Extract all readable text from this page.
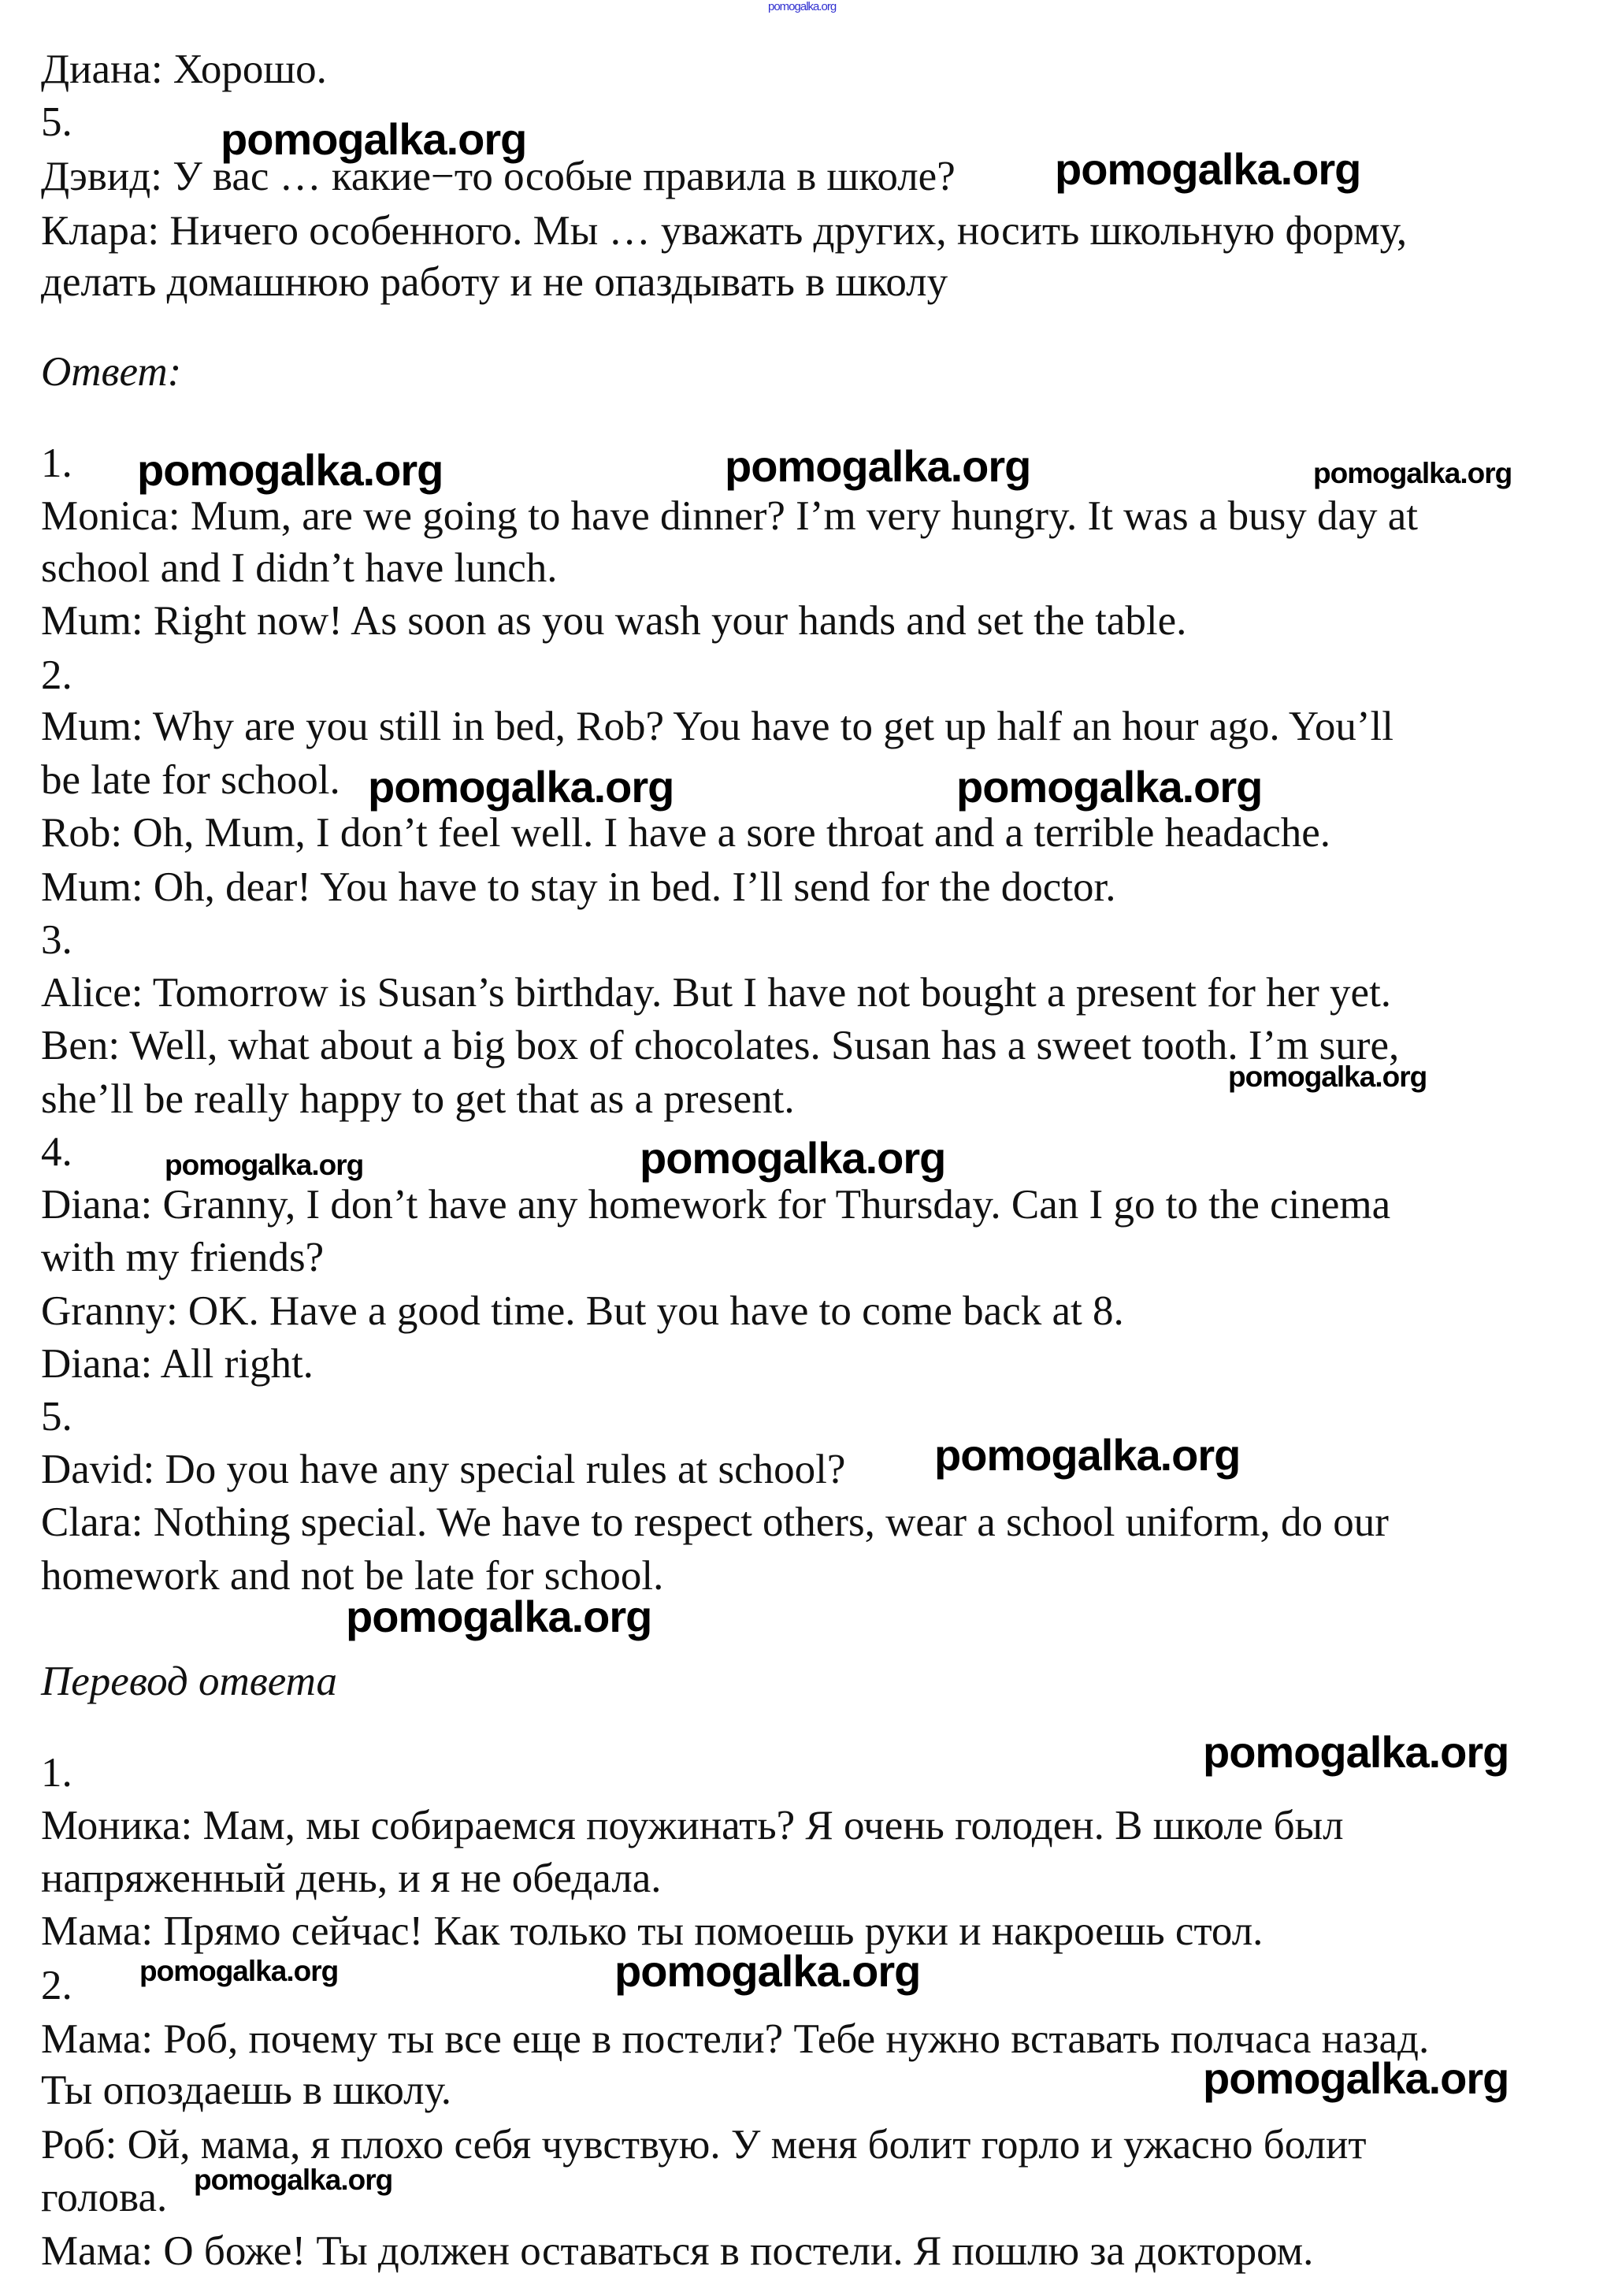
pomogalka.org
Диана: Хорошо.
5.
Дэвид: У вас … какие−то особые правила в школе?
Клара: Ничего особенного. Мы … уважать других, носить школьную форму,
делать домашнюю работу и не опаздывать в школу
Ответ:
1.
Monica: Mum, are we going to have dinner? I’m very hungry. It was a busy day at
school and I didn’t have lunch.
Mum: Right now! As soon as you wash your hands and set the table.
2.
Mum: Why are you still in bed, Rob? You have to get up half an hour ago. You’ll
be late for school.
Rob: Oh, Mum, I don’t feel well. I have a sore throat and a terrible headache.
Mum: Oh, dear! You have to stay in bed. I’ll send for the doctor.
3.
Alice: Tomorrow is Susan’s birthday. But I have not bought a present for her yet.
Ben: Well, what about a big box of chocolates. Susan has a sweet tooth. I’m sure,
she’ll be really happy to get that as a present.
4.
Diana: Granny, I don’t have any homework for Thursday. Can I go to the cinema
with my friends?
Granny: OK. Have a good time. But you have to come back at 8.
Diana: All right.
5.
David: Do you have any special rules at school?
Clara: Nothing special. We have to respect others, wear a school uniform, do our
homework and not be late for school.
Перевод ответа
1.
Моника: Мам, мы собираемся поужинать? Я очень голоден. В школе был
напряженный день, и я не обедала.
Мама: Прямо сейчас! Как только ты помоешь руки и накроешь стол.
2.
Мама: Роб, почему ты все еще в постели? Тебе нужно вставать полчаса назад.
Ты опоздаешь в школу.
Роб: Ой, мама, я плохо себя чувствую. У меня болит горло и ужасно болит
голова.
Мама: О боже! Ты должен оставаться в постели. Я пошлю за доктором.
pomogalka.org
pomogalka.org
pomogalka.org	pomogalka.org	pomogalka.org
pomogalka.org	pomogalka.org
pomogalka.org
pomogalka.org	pomogalka.org
pomogalka.org
pomogalka.org
pomogalka.org
pomogalka.org	pomogalka.org
pomogalka.org
pomogalka.org
